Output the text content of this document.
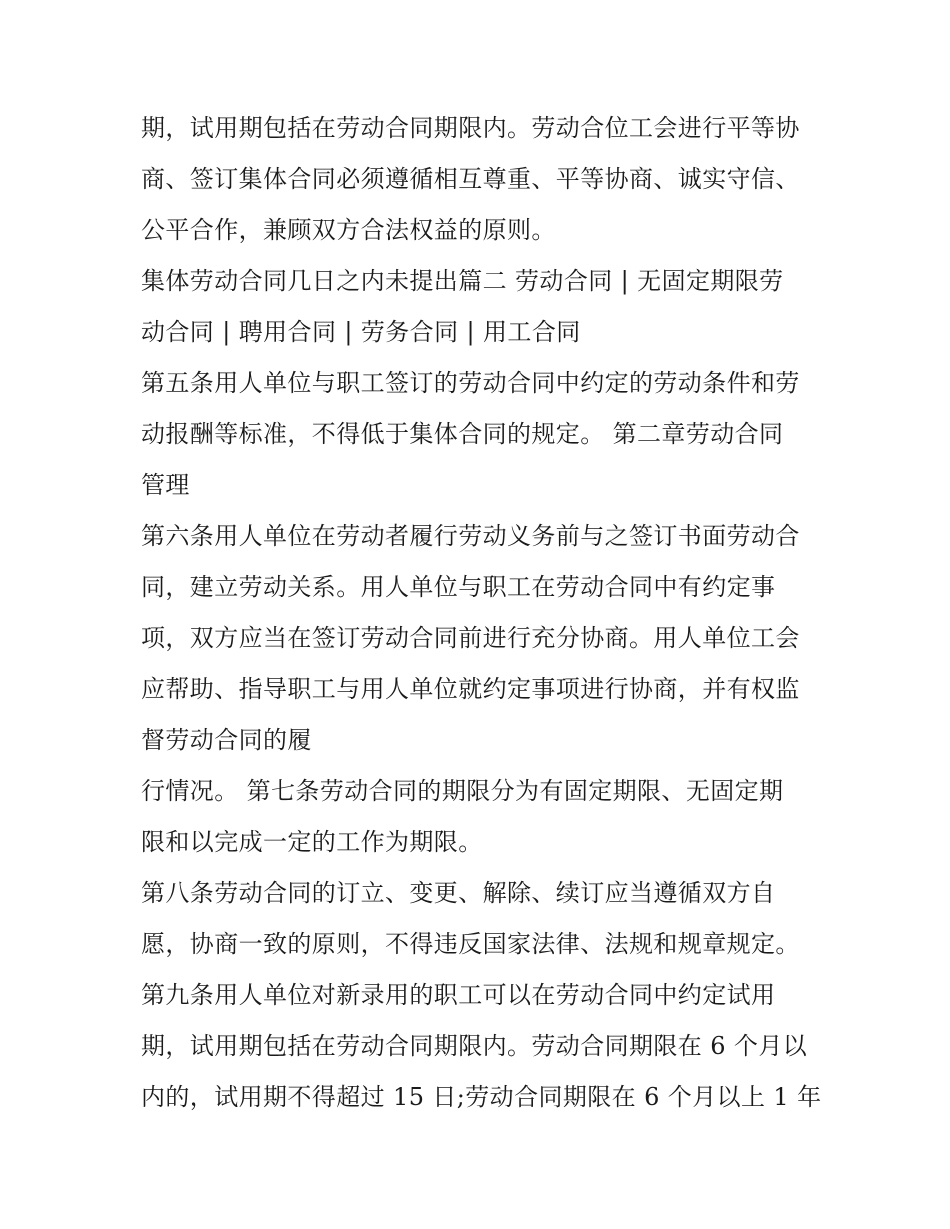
期，试用期包括在劳动合同期限内。劳动合位工会进行平等协
商、签订集体合同必须遵循相互尊重、平等协商、诚实守信、
公平合作，兼顾双方合法权益的原则。
集体劳动合同几日之内未提出篇二 劳动合同 | 无固定期限劳
动合同 | 聘用合同 | 劳务合同 | 用工合同
第五条用人单位与职工签订的劳动合同中约定的劳动条件和劳
动报酬等标准，不得低于集体合同的规定。 第二章劳动合同
管理
第六条用人单位在劳动者履行劳动义务前与之签订书面劳动合
同，建立劳动关系。用人单位与职工在劳动合同中有约定事
项，双方应当在签订劳动合同前进行充分协商。用人单位工会
应帮助、指导职工与用人单位就约定事项进行协商，并有权监
督劳动合同的履
行情况。 第七条劳动合同的期限分为有固定期限、无固定期
限和以完成一定的工作为期限。
第八条劳动合同的订立、变更、解除、续订应当遵循双方自
愿，协商一致的原则，不得违反国家法律、法规和规章规定。
第九条用人单位对新录用的职工可以在劳动合同中约定试用
期，试用期包括在劳动合同期限内。劳动合同期限在 6 个月以
内的，试用期不得超过 15 日;劳动合同期限在 6 个月以上 1 年
